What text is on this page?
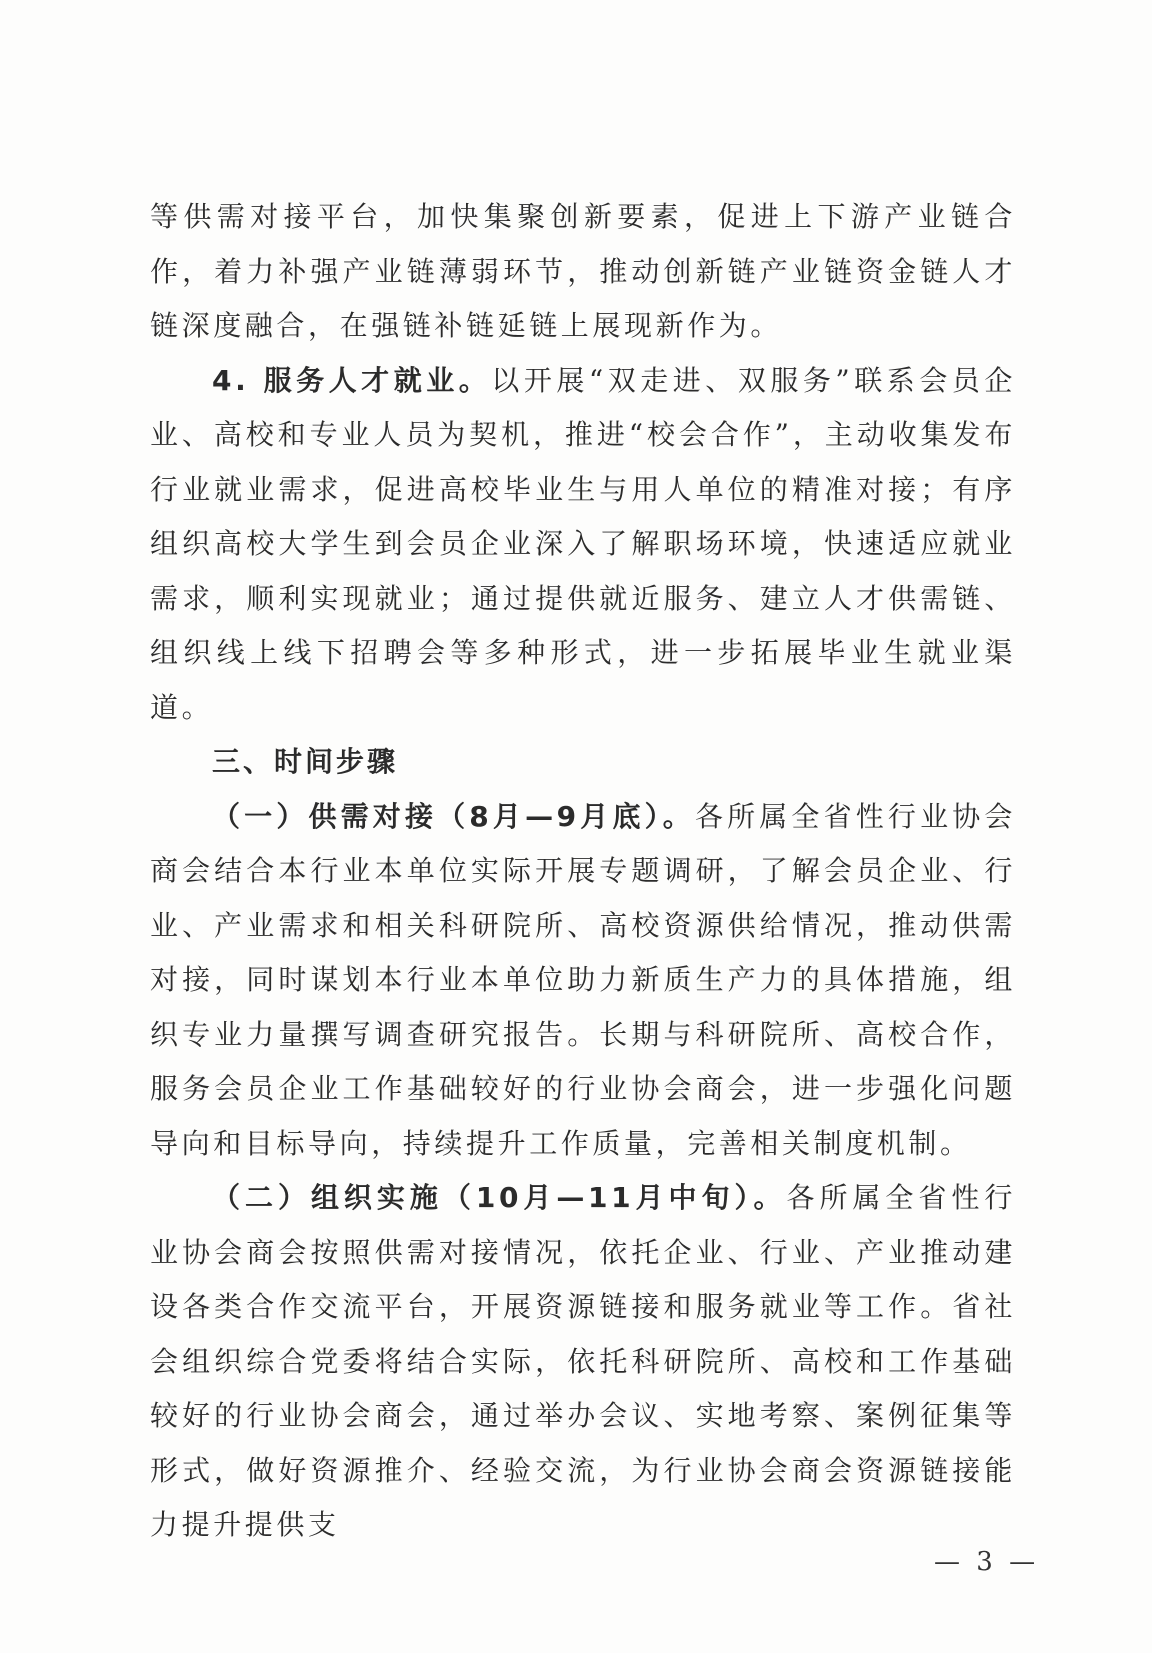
等供需对接平台，加快集聚创新要素，促进上下游产业链合作，着力补强产业链薄弱环节，推动创新链产业链资金链人才链深度融合，在强链补链延链上展现新作为。

4. 服务人才就业。以开展“双走进、双服务”联系会员企业、高校和专业人员为契机，推进“校会合作”，主动收集发布行业就业需求，促进高校毕业生与用人单位的精准对接；有序组织高校大学生到会员企业深入了解职场环境，快速适应就业需求，顺利实现就业；通过提供就近服务、建立人才供需链、组织线上线下招聘会等多种形式，进一步拓展毕业生就业渠道。

三、时间步骤

（一）供需对接（8月—9月底）。各所属全省性行业协会商会结合本行业本单位实际开展专题调研，了解会员企业、行业、产业需求和相关科研院所、高校资源供给情况，推动供需对接，同时谋划本行业本单位助力新质生产力的具体措施，组织专业力量撰写调查研究报告。长期与科研院所、高校合作，服务会员企业工作基础较好的行业协会商会，进一步强化问题导向和目标导向，持续提升工作质量，完善相关制度机制。

（二）组织实施（10月—11月中旬）。各所属全省性行业协会商会按照供需对接情况，依托企业、行业、产业推动建设各类合作交流平台，开展资源链接和服务就业等工作。省社会组织综合党委将结合实际，依托科研院所、高校和工作基础较好的行业协会商会，通过举办会议、实地考察、案例征集等形式，做好资源推介、经验交流，为行业协会商会资源链接能力提升提供支

— 3 —
